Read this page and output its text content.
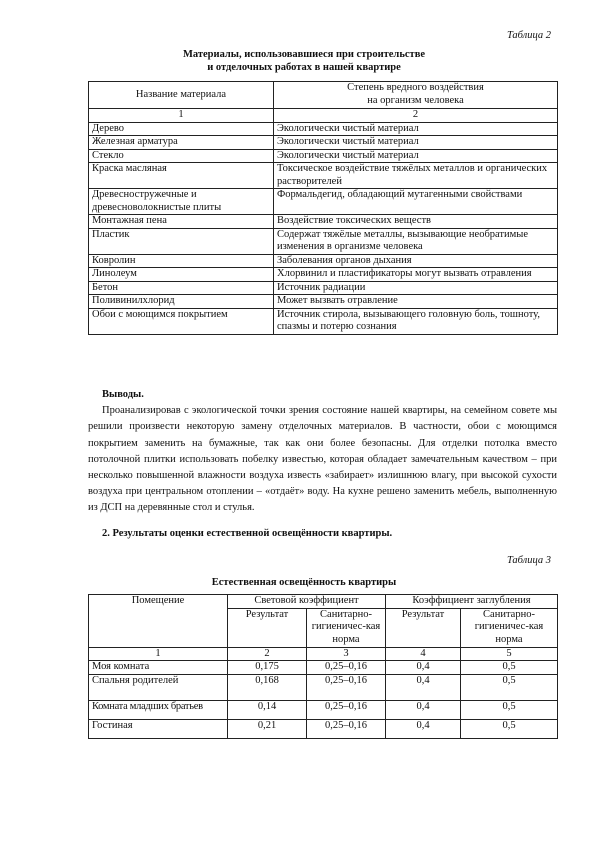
Таблица 2
Материалы, использовавшиеся при строительстве
и отделочных работах в нашей квартире
Название материала	Степень вредного воздействия
на организм человека

1	2
Дерево	Экологически чистый материал
Железная арматура	Экологически чистый материал
Стекло	Экологически чистый материал
Краска масляная	Токсическое воздействие тяжёлых металлов и органических растворителей
Древесностружечные и древесноволокнистые плиты	Формальдегид, обладающий мутагенными свойствами
Монтажная пена	Воздействие токсических веществ
Пластик	Содержат тяжёлые металлы, вызывающие необратимые изменения в организме человека
Ковролин	Заболевания органов дыхания
Линолеум	Хлорвинил и пластификаторы могут вызвать отравления
Бетон	Источник радиации
Поливинилхлорид	Может вызвать отравление
Обои с моющимся покрытием	Источник стирола, вызывающего головную боль, тошноту, спазмы и потерю сознания
Выводы.
Проанализировав с экологической точки зрения состояние нашей квартиры, на семейном совете мы решили произвести некоторую замену отделочных материалов. В частности, обои с моющимся покрытием заменить на бумажные, так как они более безопасны. Для отделки потолка вместо потолочной плитки использовать побелку известью, которая обладает замечательным качеством – при несколько повышенной влажности воздуха известь «забирает» излишнюю влагу, при высокой сухости воздуха при центральном отоплении – «отдаёт» воду. На кухне решено заменить мебель, выполненную из ДСП на деревянные стол и стулья.
2. Результаты оценки естественной освещённости квартиры.
Таблица 3
Естественная освещённость квартиры
Помещение	Световой коэффициент		Коэффициент заглубления	
	Результат	Санитарно-гигиеничес-кая норма	Результат	Санитарно-гигиеничес-кая норма
1	2	3	4	5
Моя комната	0,175	0,25–0,16	0,4	0,5
Спальня родителей	0,168	0,25–0,16	0,4	0,5
Комната младших братьев	0,14	0,25–0,16	0,4	0,5
Гостиная	0,21	0,25–0,16	0,4	0,5
